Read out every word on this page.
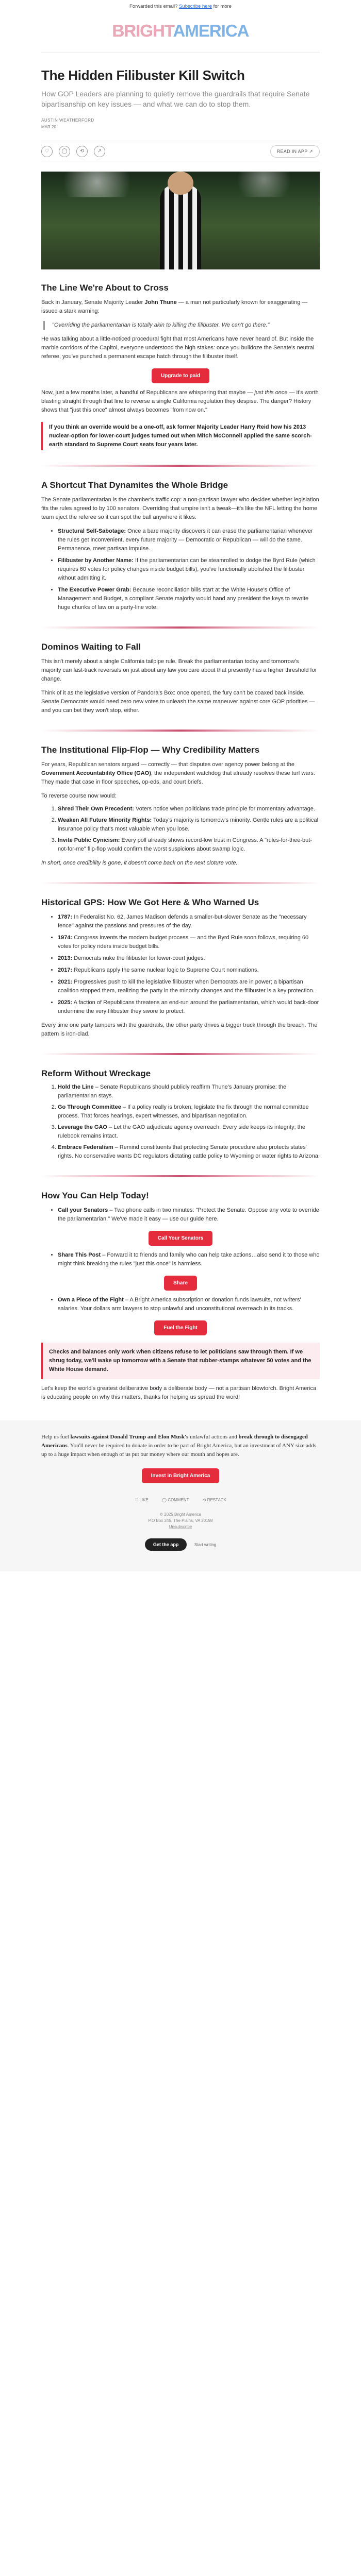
Forwarded this email? Subscribe here for more
BRIGHTAMERICA
The Hidden Filibuster Kill Switch
How GOP Leaders are planning to quietly remove the guardrails that require Senate bipartisanship on key issues — and what we can do to stop them.
AUSTIN WEATHERFORD
MAR 20
♡	◯	⟲	↗	READ IN APP ↗
The Line We're About to Cross

Back in January, Senate Majority Leader John Thune — a man not particularly known for exaggerating — issued a stark warning:

"Overriding the parliamentarian is totally akin to killing the filibuster. We can't go there."

He was talking about a little-noticed procedural fight that most Americans have never heard of. But inside the marble corridors of the Capitol, everyone understood the high stakes: once you bulldoze the Senate's neutral referee, you've punched a permanent escape hatch through the filibuster itself.

Upgrade to paid

Now, just a few months later, a handful of Republicans are whispering that maybe — just this once — it's worth blasting straight through that line to reverse a single California regulation they despise. The danger? History shows that "just this once" almost always becomes "from now on."

If you think an override would be a one-off, ask former Majority Leader Harry Reid how his 2013 nuclear-option for lower-court judges turned out when Mitch McConnell applied the same scorch-earth standard to Supreme Court seats four years later.
A Shortcut That Dynamites the Whole Bridge

The Senate parliamentarian is the chamber's traffic cop: a non-partisan lawyer who decides whether legislation fits the rules agreed to by 100 senators. Overriding that umpire isn't a tweak—it's like the NFL letting the home team eject the referee so it can spot the ball anywhere it likes.

• Structural Self-Sabotage: Once a bare majority discovers it can erase the parliamentarian whenever the rules get inconvenient, every future majority — Democratic or Republican — will do the same. Permanence, meet partisan impulse.
• Filibuster by Another Name: If the parliamentarian can be steamrolled to dodge the Byrd Rule (which requires 60 votes for policy changes inside budget bills), you've functionally abolished the filibuster without admitting it.
• The Executive Power Grab: Because reconciliation bills start at the White House's Office of Management and Budget, a compliant Senate majority would hand any president the keys to rewrite huge chunks of law on a party-line vote.
Dominos Waiting to Fall

This isn't merely about a single California tailpipe rule. Break the parliamentarian today and tomorrow's majority can fast-track reversals on just about any law you care about that presently has a higher threshold for change.

Think of it as the legislative version of Pandora's Box: once opened, the fury can't be coaxed back inside. Senate Democrats would need zero new votes to unleash the same maneuver against core GOP priorities — and you can bet they won't stop, either.

The Institutional Flip-Flop — Why Credibility Matters

For years, Republican senators argued — correctly — that disputes over agency power belong at the Government Accountability Office (GAO), the independent watchdog that already resolves these turf wars. They made that case in floor speeches, op-eds, and court briefs.

To reverse course now would:

1. Shred Their Own Precedent: Voters notice when politicians trade principle for momentary advantage.
2. Weaken All Future Minority Rights: Today's majority is tomorrow's minority. Gentle rules are a political insurance policy that's most valuable when you lose.
3. Invite Public Cynicism: Every poll already shows record-low trust in Congress. A "rules-for-thee-but-not-for-me" flip-flop would confirm the worst suspicions about swamp logic.

In short, once credibility is gone, it doesn't come back on the next cloture vote.

Historical GPS: How We Got Here & Who Warned Us
• 1787: In Federalist No. 62, James Madison defends a smaller-but-slower Senate as the "necessary fence" against the passions and pressures of the day.
• 1974: Congress invents the modern budget process — and the Byrd Rule soon follows, requiring 60 votes for policy riders inside budget bills.
• 2013: Democrats nuke the filibuster for lower-court judges.
• 2017: Republicans apply the same nuclear logic to Supreme Court nominations.
• 2021: Progressives push to kill the legislative filibuster when Democrats are in power; a bipartisan coalition stopped them, realizing the party in the minority changes and the filibuster is a key protection.
• 2025: A faction of Republicans threatens an end-run around the parliamentarian, which would back-door undermine the very filibuster they swore to protect.

Every time one party tampers with the guardrails, the other party drives a bigger truck through the breach. The pattern is iron-clad.

Reform Without Wreckage
1. Hold the Line – Senate Republicans should publicly reaffirm Thune's January promise: the parliamentarian stays.
2. Go Through Committee – If a policy really is broken, legislate the fix through the normal committee process. That forces hearings, expert witnesses, and bipartisan negotiation.
3. Leverage the GAO – Let the GAO adjudicate agency overreach. Every side keeps its integrity; the rulebook remains intact.
4. Embrace Federalism – Remind constituents that protecting Senate procedure also protects states' rights. No conservative wants DC regulators dictating cattle policy to Wyoming or water rights to Arizona.
How You Can Help Today!
• Call your Senators – Two phone calls in two minutes: "Protect the Senate. Oppose any vote to override the parliamentarian." We've made it easy — use our guide here.
Call Your Senators
• Share This Post – Forward it to friends and family who can help take actions…also send it to those who might think breaking the rules "just this once" is harmless.
Share
• Own a Piece of the Fight – A Bright America subscription or donation funds lawsuits, not writers' salaries. Your dollars arm lawyers to stop unlawful and unconstitutional overreach in its tracks.
Fuel the Fight
Checks and balances only work when citizens refuse to let politicians saw through them. If we shrug today, we'll wake up tomorrow with a Senate that rubber-stamps whatever 50 votes and the White House demand.

Let's keep the world's greatest deliberative body a deliberate body — not a partisan blowtorch. Bright America is educating people on why this matters, thanks for helping us spread the word!

Help us fuel lawsuits against Donald Trump and Elon Musk's unlawful actions and break through to disengaged Americans. You'll never be required to donate in order to be part of Bright America, but an investment of ANY size adds up to a huge impact when enough of us put our money where our mouth and hopes are.
Invest in Bright America
♡ LIKE	◯ COMMENT	⟲ RESTACK
© 2025 Bright America
P.O Box 245, The Plains, VA 20198
Unsubscribe
Get the app	Start writing
